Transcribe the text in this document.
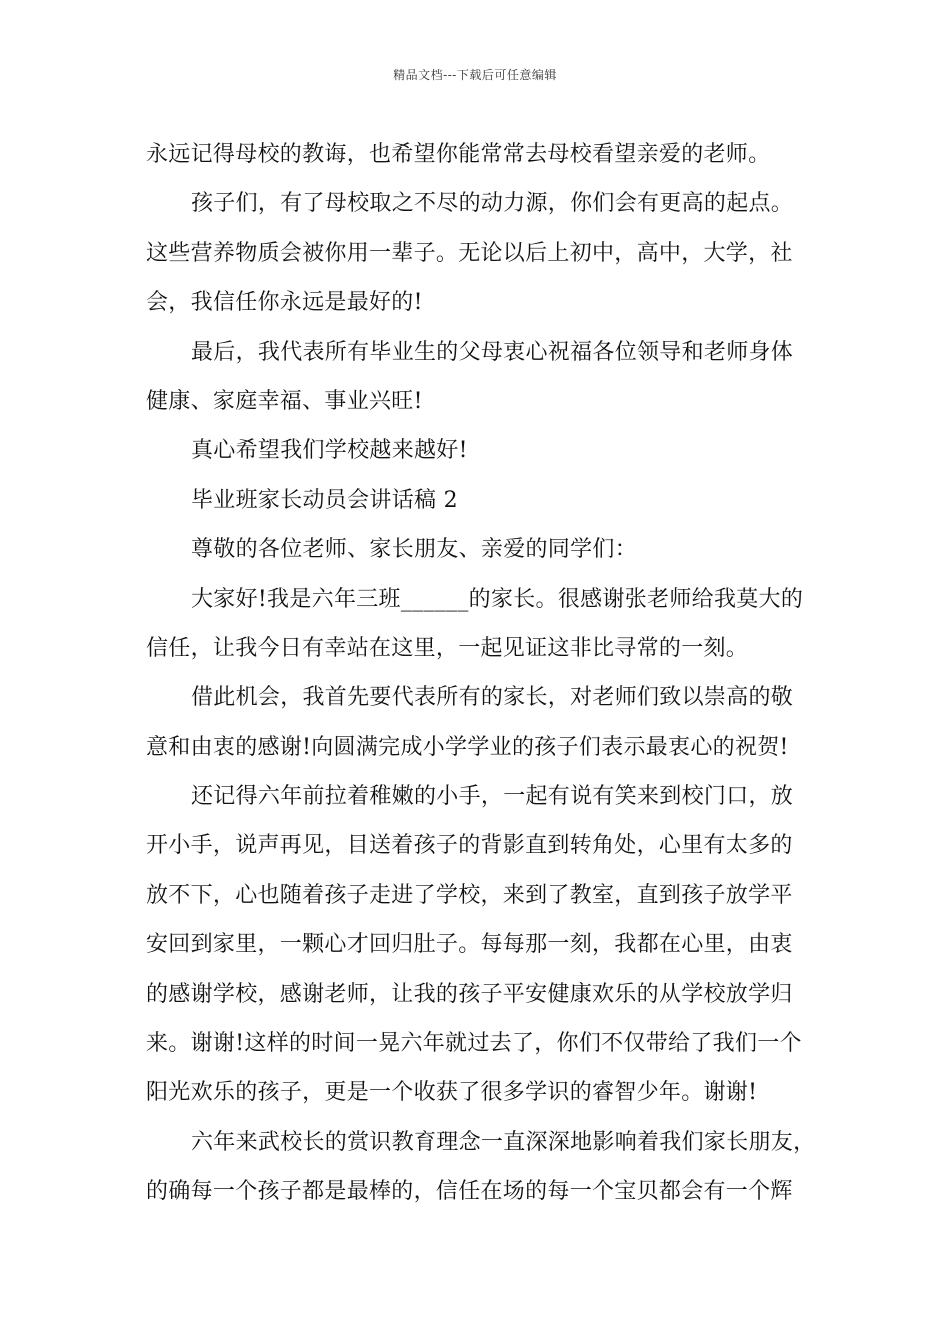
精品文档---下载后可任意编辑
永远记得母校的教诲，也希望你能常常去母校看望亲爱的老师。
孩子们，有了母校取之不尽的动力源，你们会有更高的起点。
这些营养物质会被你用一辈子。无论以后上初中，高中，大学，社
会，我信任你永远是最好的!
最后，我代表所有毕业生的父母衷心祝福各位领导和老师身体
健康、家庭幸福、事业兴旺!
真心希望我们学校越来越好!
毕业班家长动员会讲话稿 2
尊敬的各位老师、家长朋友、亲爱的同学们：
大家好!我是六年三班______的家长。很感谢张老师给我莫大的
信任，让我今日有幸站在这里，一起见证这非比寻常的一刻。
借此机会，我首先要代表所有的家长，对老师们致以崇高的敬
意和由衷的感谢!向圆满完成小学学业的孩子们表示最衷心的祝贺!
还记得六年前拉着稚嫩的小手，一起有说有笑来到校门口，放
开小手，说声再见，目送着孩子的背影直到转角处，心里有太多的
放不下，心也随着孩子走进了学校，来到了教室，直到孩子放学平
安回到家里，一颗心才回归肚子。每每那一刻，我都在心里，由衷
的感谢学校，感谢老师，让我的孩子平安健康欢乐的从学校放学归
来。谢谢!这样的时间一晃六年就过去了，你们不仅带给了我们一个
阳光欢乐的孩子，更是一个收获了很多学识的睿智少年。谢谢!
六年来武校长的赏识教育理念一直深深地影响着我们家长朋友，
的确每一个孩子都是最棒的，信任在场的每一个宝贝都会有一个辉
